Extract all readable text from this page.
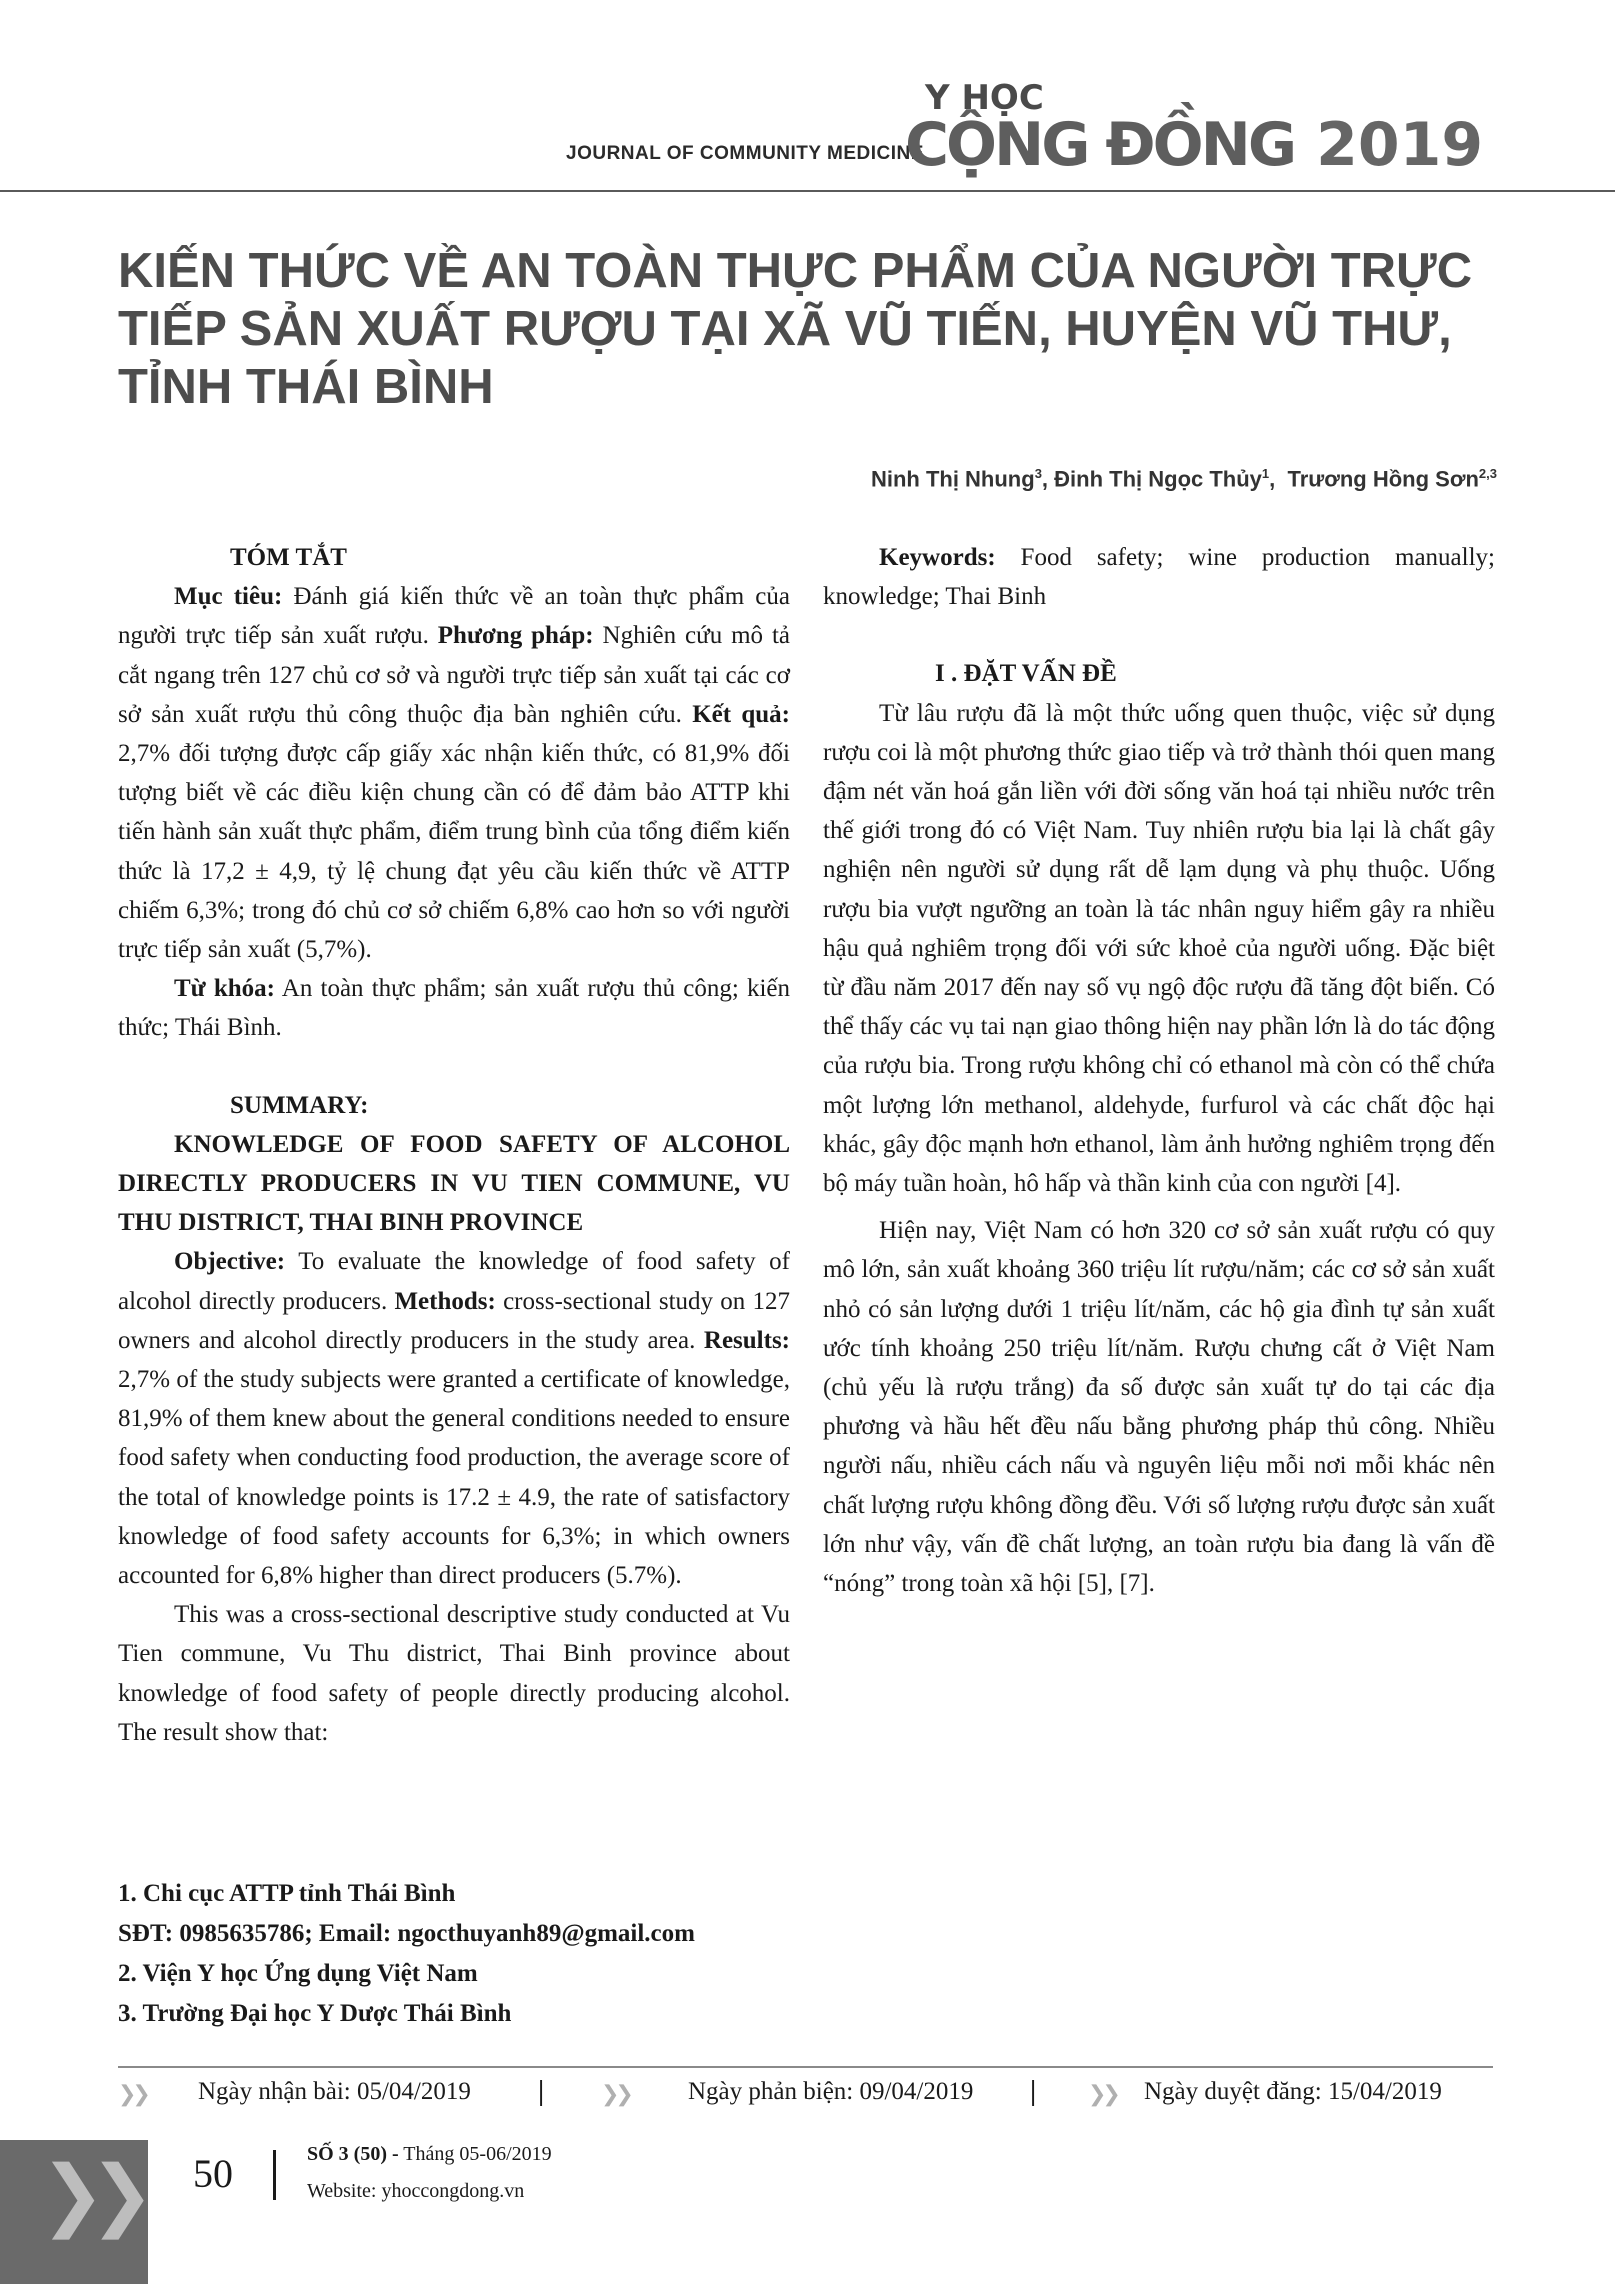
JOURNAL OF COMMUNITY MEDICINE
Y HỌC
CỘNG ĐỒNG 2019
KIẾN THỨC VỀ AN TOÀN THỰC PHẨM CỦA NGƯỜI TRỰC TIẾP SẢN XUẤT RƯỢU TẠI XÃ VŨ TIẾN, HUYỆN VŨ THƯ, TỈNH THÁI BÌNH
Ninh Thị Nhung$^3$, Đinh Thị Ngọc Thủy$^1$,  Trương Hồng Sơn$^{2,3}$

TÓM TẮT

Mục tiêu: Đánh giá kiến thức về an toàn thực phẩm của người trực tiếp sản xuất rượu. Phương pháp: Nghiên cứu mô tả cắt ngang trên 127 chủ cơ sở và người trực tiếp sản xuất tại các cơ sở sản xuất rượu thủ công thuộc địa bàn nghiên cứu. Kết quả: 2,7% đối tượng được cấp giấy xác nhận kiến thức, có 81,9% đối tượng biết về các điều kiện chung cần có để đảm bảo ATTP khi tiến hành sản xuất thực phẩm, điểm trung bình của tổng điểm kiến thức là 17,2 ± 4,9, tỷ lệ chung đạt yêu cầu kiến thức về ATTP chiếm 6,3%; trong đó chủ cơ sở chiếm 6,8% cao hơn so với người trực tiếp sản xuất (5,7%).

Từ khóa: An toàn thực phẩm; sản xuất rượu thủ công; kiến thức; Thái Bình.

SUMMARY:

KNOWLEDGE OF FOOD SAFETY OF ALCOHOL DIRECTLY PRODUCERS IN VU TIEN COMMUNE, VU THU DISTRICT, THAI BINH PROVINCE

Objective: To evaluate the knowledge of food safety of alcohol directly producers. Methods: cross-sectional study on 127 owners and alcohol directly producers in the study area. Results: 2,7% of the study subjects were granted a certificate of knowledge, 81,9% of them knew about the general conditions needed to ensure food safety when conducting food production, the average score of the total of knowledge points is 17.2 ± 4.9, the rate of satisfactory knowledge of food safety accounts for 6,3%; in which owners accounted for 6,8% higher than direct producers (5.7%).

This was a cross-sectional descriptive study conducted at Vu Tien commune, Vu Thu district, Thai Binh province about knowledge of food safety of people directly producing alcohol. The result show that:

Keywords: Food safety; wine production manually; knowledge; Thai Binh

I . ĐẶT VẤN ĐỀ

Từ lâu rượu đã là một thức uống quen thuộc, việc sử dụng rượu coi là một phương thức giao tiếp và trở thành thói quen mang đậm nét văn hoá gắn liền với đời sống văn hoá tại nhiều nước trên thế giới trong đó có Việt Nam. Tuy nhiên rượu bia lại là chất gây nghiện nên người sử dụng rất dễ lạm dụng và phụ thuộc. Uống rượu bia vượt ngưỡng an toàn là tác nhân nguy hiểm gây ra nhiều hậu quả nghiêm trọng đối với sức khoẻ của người uống. Đặc biệt từ đầu năm 2017 đến nay số vụ ngộ độc rượu đã tăng đột biến. Có thể thấy các vụ tai nạn giao thông hiện nay phần lớn là do tác động của rượu bia. Trong rượu không chỉ có ethanol mà còn có thể chứa một lượng lớn methanol, aldehyde, furfurol và các chất độc hại khác, gây độc mạnh hơn ethanol, làm ảnh hưởng nghiêm trọng đến bộ máy tuần hoàn, hô hấp và thần kinh của con người [4].

Hiện nay, Việt Nam có hơn 320 cơ sở sản xuất rượu có quy mô lớn, sản xuất khoảng 360 triệu lít rượu/năm; các cơ sở sản xuất nhỏ có sản lượng dưới 1 triệu lít/năm, các hộ gia đình tự sản xuất ước tính khoảng 250 triệu lít/năm. Rượu chưng cất ở Việt Nam (chủ yếu là rượu trắng) đa số được sản xuất tự do tại các địa phương và hầu hết đều nấu bằng phương pháp thủ công. Nhiều người nấu, nhiều cách nấu và nguyên liệu mỗi nơi mỗi khác nên chất lượng rượu không đồng đều. Với số lượng rượu được sản xuất lớn như vậy, vấn đề chất lượng, an toàn rượu bia đang là vấn đề “nóng” trong toàn xã hội [5], [7].

1. Chi cục ATTP tỉnh Thái Bình
SĐT: 0985635786; Email: ngocthuyanh89@gmail.com
2. Viện Y học Ứng dụng Việt Nam
3. Trường Đại học Y Dược Thái Bình
❯❯ Ngày nhận bài: 05/04/2019 |	❯❯ Ngày phản biện: 09/04/2019 | ❯❯ Ngày duyệt đăng: 15/04/2019
❯❯ 50	SỐ 3 (50) - Tháng 05-06/2019
Website: yhoccongdong.vn
